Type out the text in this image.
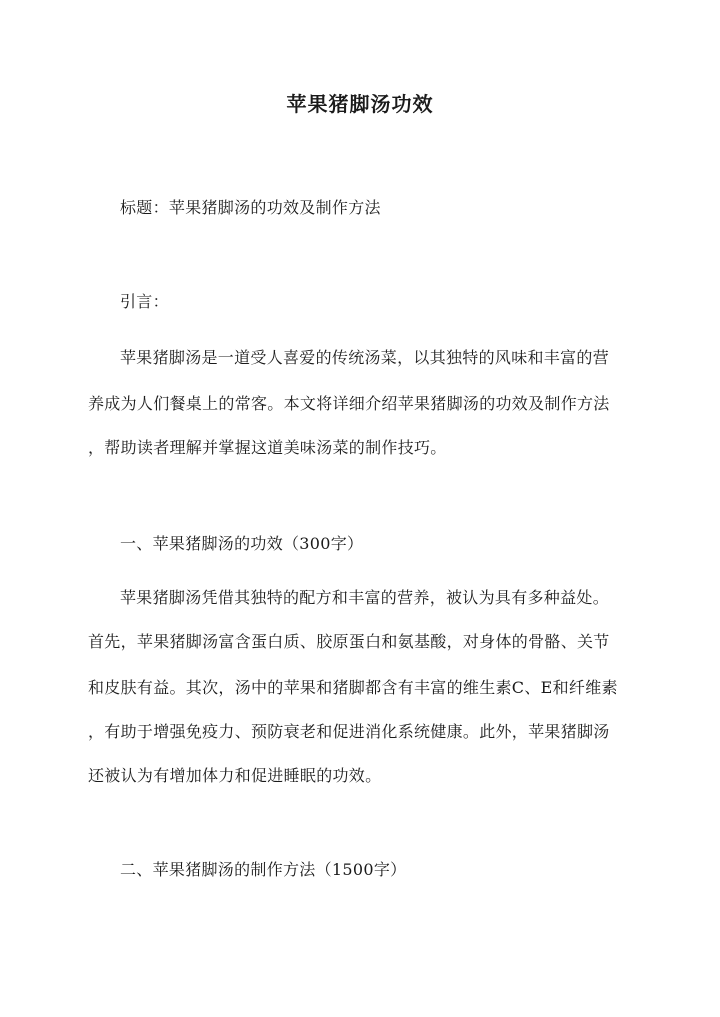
苹果猪脚汤功效

标题：苹果猪脚汤的功效及制作方法

引言：

苹果猪脚汤是一道受人喜爱的传统汤菜，以其独特的风味和丰富的营

养成为人们餐桌上的常客。本文将详细介绍苹果猪脚汤的功效及制作方法

，帮助读者理解并掌握这道美味汤菜的制作技巧。

一、苹果猪脚汤的功效（300字）

苹果猪脚汤凭借其独特的配方和丰富的营养，被认为具有多种益处。

首先，苹果猪脚汤富含蛋白质、胶原蛋白和氨基酸，对身体的骨骼、关节

和皮肤有益。其次，汤中的苹果和猪脚都含有丰富的维生素C、E和纤维素

，有助于增强免疫力、预防衰老和促进消化系统健康。此外，苹果猪脚汤

还被认为有增加体力和促进睡眠的功效。

二、苹果猪脚汤的制作方法（1500字）
